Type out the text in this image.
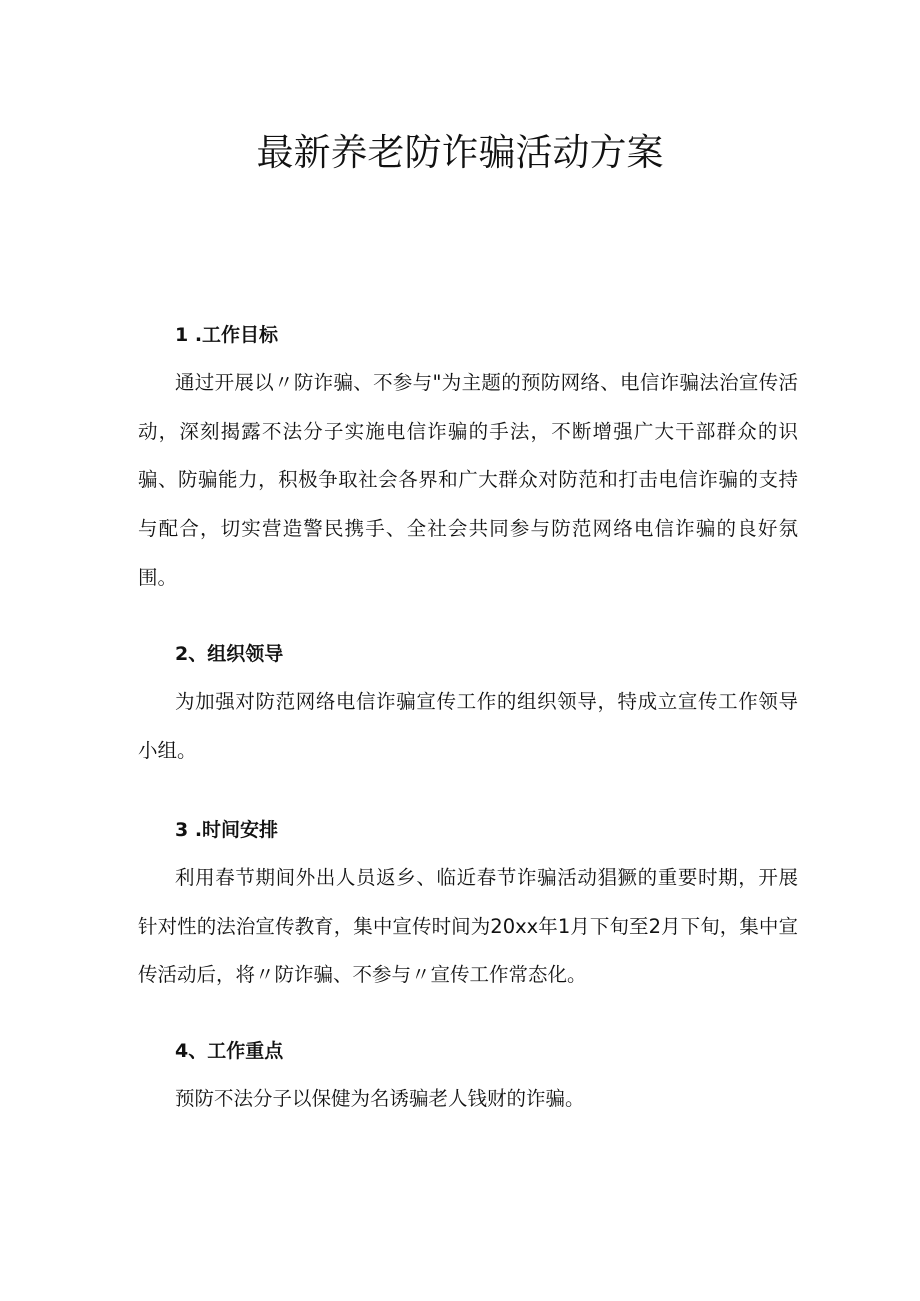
最新养老防诈骗活动方案

1 .工作目标

通过开展以〃防诈骗、不参与"为主题的预防网络、电信诈骗法治宣传活动，深刻揭露不法分子实施电信诈骗的手法，不断增强广大干部群众的识骗、防骗能力，积极争取社会各界和广大群众对防范和打击电信诈骗的支持与配合，切实营造警民携手、全社会共同参与防范网络电信诈骗的良好氛围。

2、组织领导

为加强对防范网络电信诈骗宣传工作的组织领导，特成立宣传工作领导小组。

3 .时间安排

利用春节期间外出人员返乡、临近春节诈骗活动猖獗的重要时期，开展针对性的法治宣传教育，集中宣传时间为20xx年1月下旬至2月下旬，集中宣传活动后，将〃防诈骗、不参与〃宣传工作常态化。

4、工作重点

预防不法分子以保健为名诱骗老人钱财的诈骗。
